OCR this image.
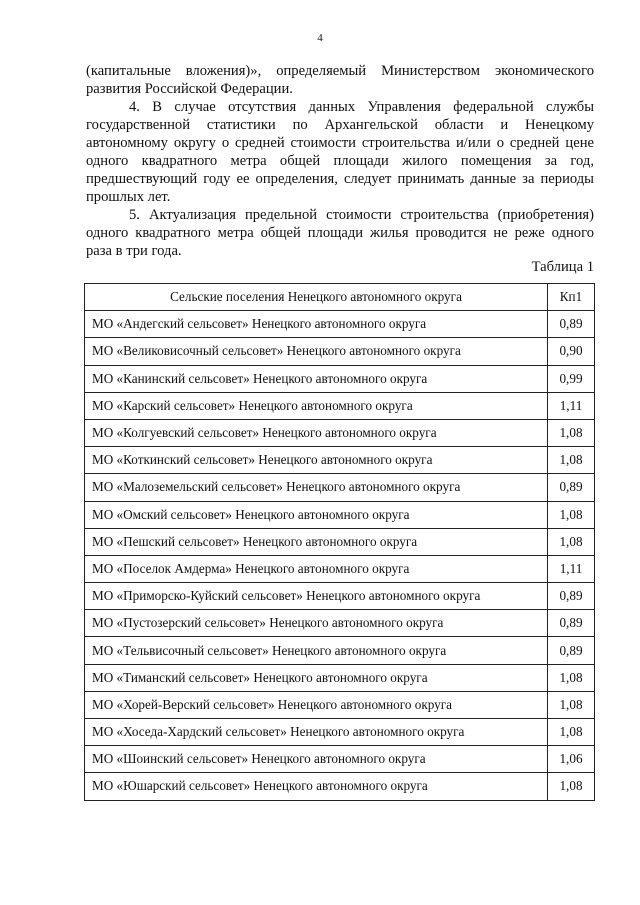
4

(капитальные вложения)», определяемый Министерством экономического развития Российской Федерации.

4. В случае отсутствия данных Управления федеральной службы государственной статистики по Архангельской области и Ненецкому автономному округу о средней стоимости строительства и/или о средней цене одного квадратного метра общей площади жилого помещения за год, предшествующий году ее определения, следует принимать данные за периоды прошлых лет.

5. Актуализация предельной стоимости строительства (приобретения) одного квадратного метра общей площади жилья проводится не реже одного раза в три года.

Таблица 1
Сельские поселения Ненецкого автономного округа	Кп1
МО «Андегский сельсовет» Ненецкого автономного округа	0,89
МО «Великовисочный сельсовет» Ненецкого автономного округа	0,90
МО «Канинский сельсовет» Ненецкого автономного округа	0,99
МО «Карский сельсовет» Ненецкого автономного округа	1,11
МО «Колгуевский сельсовет» Ненецкого автономного округа	1,08
МО «Коткинский сельсовет» Ненецкого автономного округа	1,08
МО «Малоземельский сельсовет» Ненецкого автономного округа	0,89
МО «Омский сельсовет» Ненецкого автономного округа	1,08
МО «Пешский сельсовет» Ненецкого автономного округа	1,08
МО «Поселок Амдерма» Ненецкого автономного округа	1,11
МО «Приморско-Куйский сельсовет» Ненецкого автономного округа	0,89
МО «Пустозерский сельсовет» Ненецкого автономного округа	0,89
МО «Тельвисочный сельсовет» Ненецкого автономного округа	0,89
МО «Тиманский сельсовет» Ненецкого автономного округа	1,08
МО «Хорей-Верский сельсовет» Ненецкого автономного округа	1,08
МО «Хоседа-Хардский сельсовет» Ненецкого автономного округа	1,08
МО «Шоинский сельсовет» Ненецкого автономного округа	1,06
МО «Юшарский сельсовет» Ненецкого автономного округа	1,08
